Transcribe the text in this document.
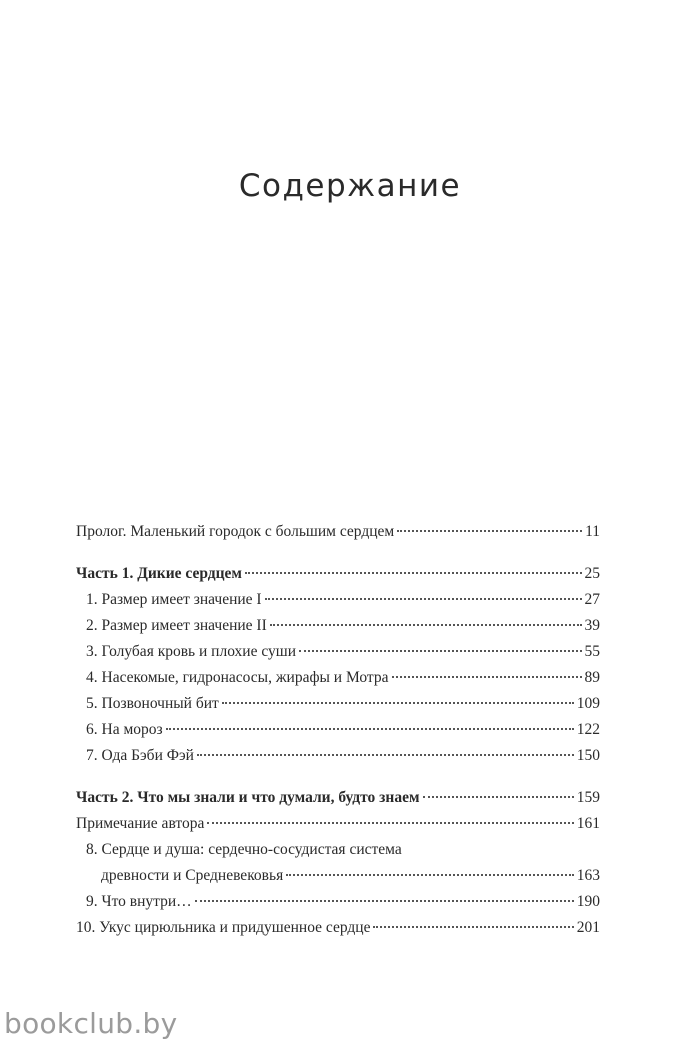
Содержание
Пролог. Маленький городок с большим сердцем	11
Часть 1. Дикие сердцем	25
1. Размер имеет значение I	27
2. Размер имеет значение II	39
3. Голубая кровь и плохие суши	55
4. Насекомые, гидронасосы, жирафы и Мотра	89
5. Позвоночный бит	109
6. На мороз	122
7. Ода Бэби Фэй	150
Часть 2. Что мы знали и что думали, будто знаем	159
Примечание автора	161
8. Сердце и душа: сердечно-сосудистая система
древности и Средневековья	163
9. Что внутри…	190
10. Укус цирюльника и придушенное сердце	201
bookclub.by
